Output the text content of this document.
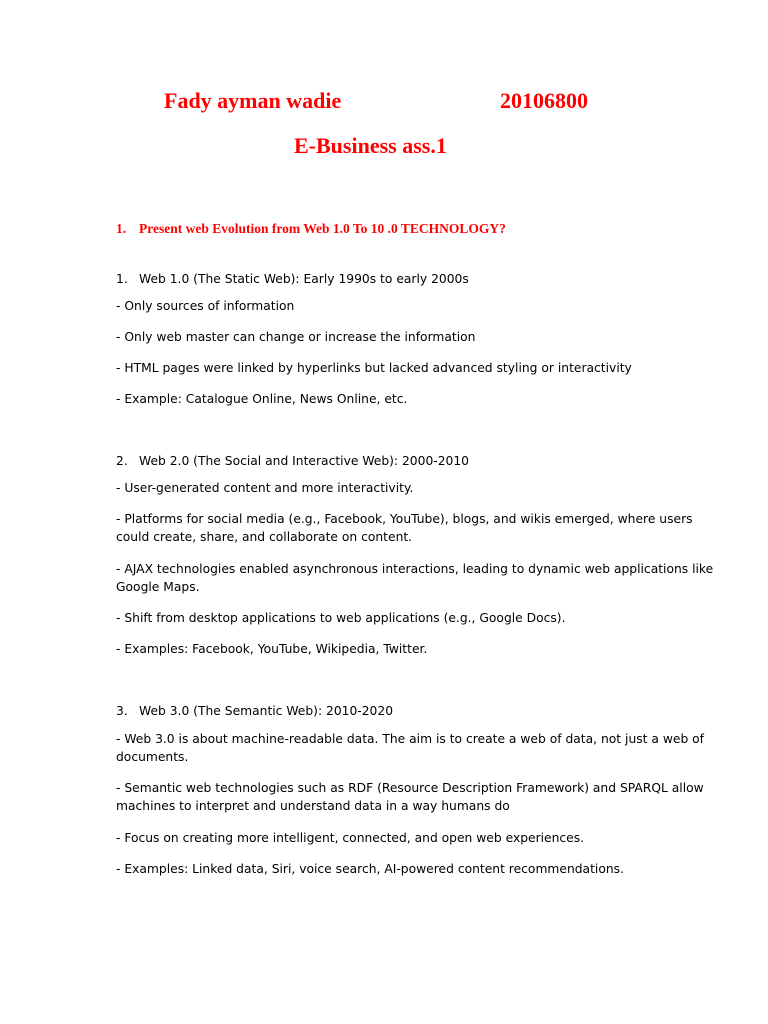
Fady ayman wadie	20106800
E-Business ass.1
1. Present web Evolution from Web 1.0 To 10 .0 TECHNOLOGY?
1. Web 1.0 (The Static Web): Early 1990s to early 2000s
- Only sources of information
- Only web master can change or increase the information
- HTML pages were linked by hyperlinks but lacked advanced styling or interactivity
- Example: Catalogue Online, News Online, etc.
2. Web 2.0 (The Social and Interactive Web): 2000-2010
- User-generated content and more interactivity.
- Platforms for social media (e.g., Facebook, YouTube), blogs, and wikis emerged, where users
could create, share, and collaborate on content.
- AJAX technologies enabled asynchronous interactions, leading to dynamic web applications like
Google Maps.
- Shift from desktop applications to web applications (e.g., Google Docs).
- Examples: Facebook, YouTube, Wikipedia, Twitter.
3. Web 3.0 (The Semantic Web): 2010-2020
- Web 3.0 is about machine-readable data. The aim is to create a web of data, not just a web of
documents.
- Semantic web technologies such as RDF (Resource Description Framework) and SPARQL allow
machines to interpret and understand data in a way humans do
- Focus on creating more intelligent, connected, and open web experiences.
- Examples: Linked data, Siri, voice search, AI-powered content recommendations.
